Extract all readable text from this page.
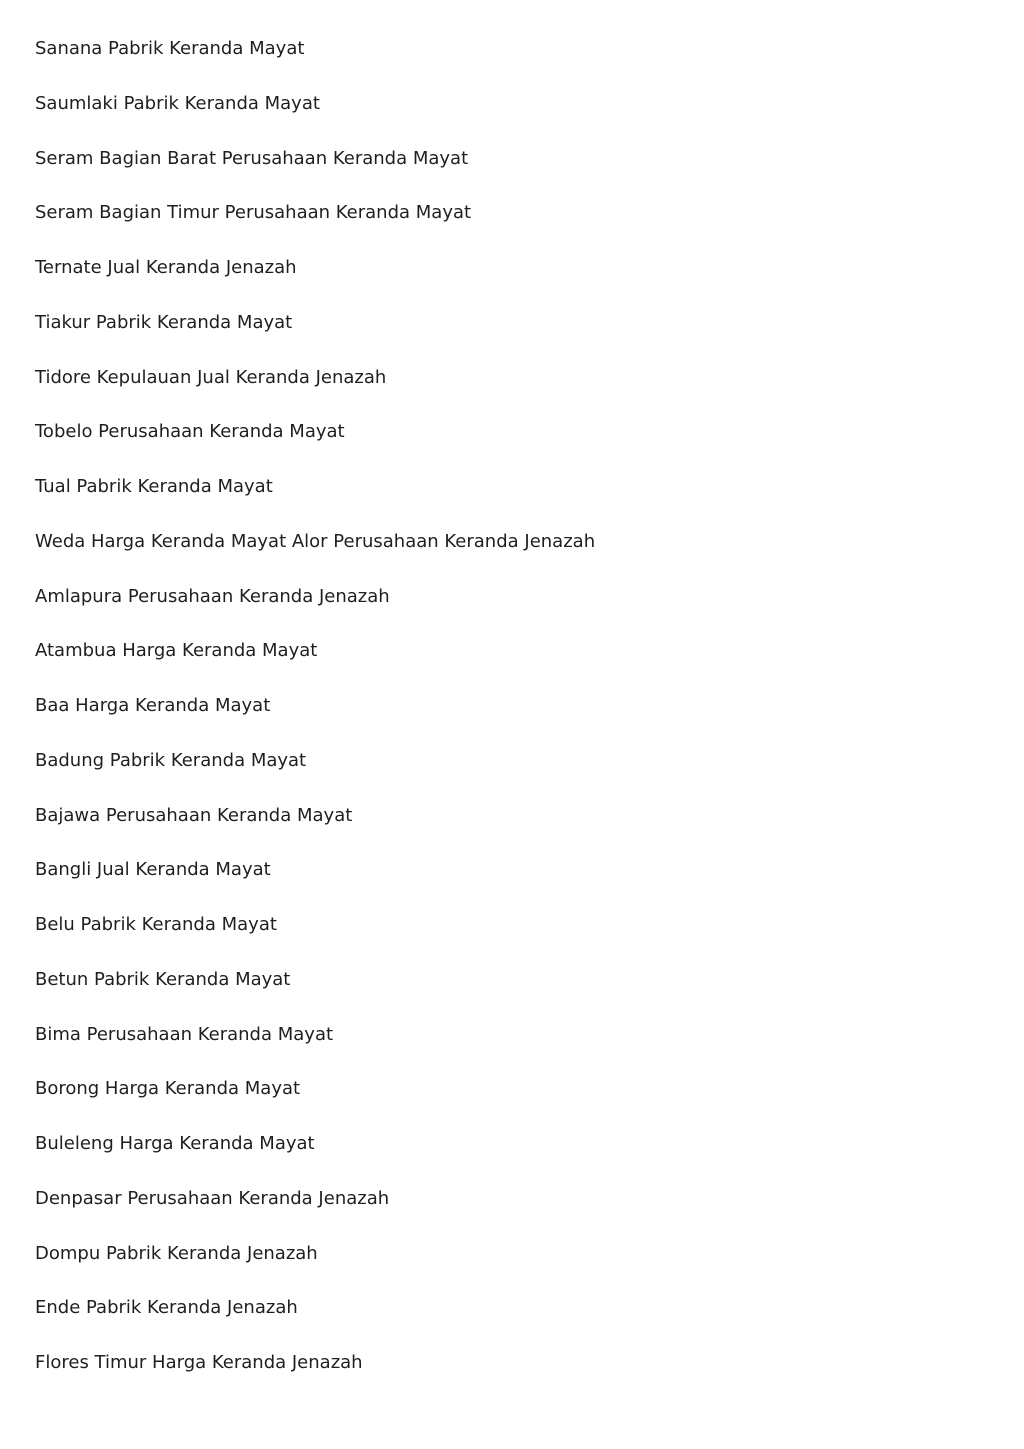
Sanana Pabrik Keranda Mayat
Saumlaki Pabrik Keranda Mayat
Seram Bagian Barat Perusahaan Keranda Mayat
Seram Bagian Timur Perusahaan Keranda Mayat
Ternate Jual Keranda Jenazah
Tiakur Pabrik Keranda Mayat
Tidore Kepulauan Jual Keranda Jenazah
Tobelo Perusahaan Keranda Mayat
Tual Pabrik Keranda Mayat
Weda Harga Keranda Mayat Alor Perusahaan Keranda Jenazah
Amlapura Perusahaan Keranda Jenazah
Atambua Harga Keranda Mayat
Baa Harga Keranda Mayat
Badung Pabrik Keranda Mayat
Bajawa Perusahaan Keranda Mayat
Bangli Jual Keranda Mayat
Belu Pabrik Keranda Mayat
Betun Pabrik Keranda Mayat
Bima Perusahaan Keranda Mayat
Borong Harga Keranda Mayat
Buleleng Harga Keranda Mayat
Denpasar Perusahaan Keranda Jenazah
Dompu Pabrik Keranda Jenazah
Ende Pabrik Keranda Jenazah
Flores Timur Harga Keranda Jenazah
